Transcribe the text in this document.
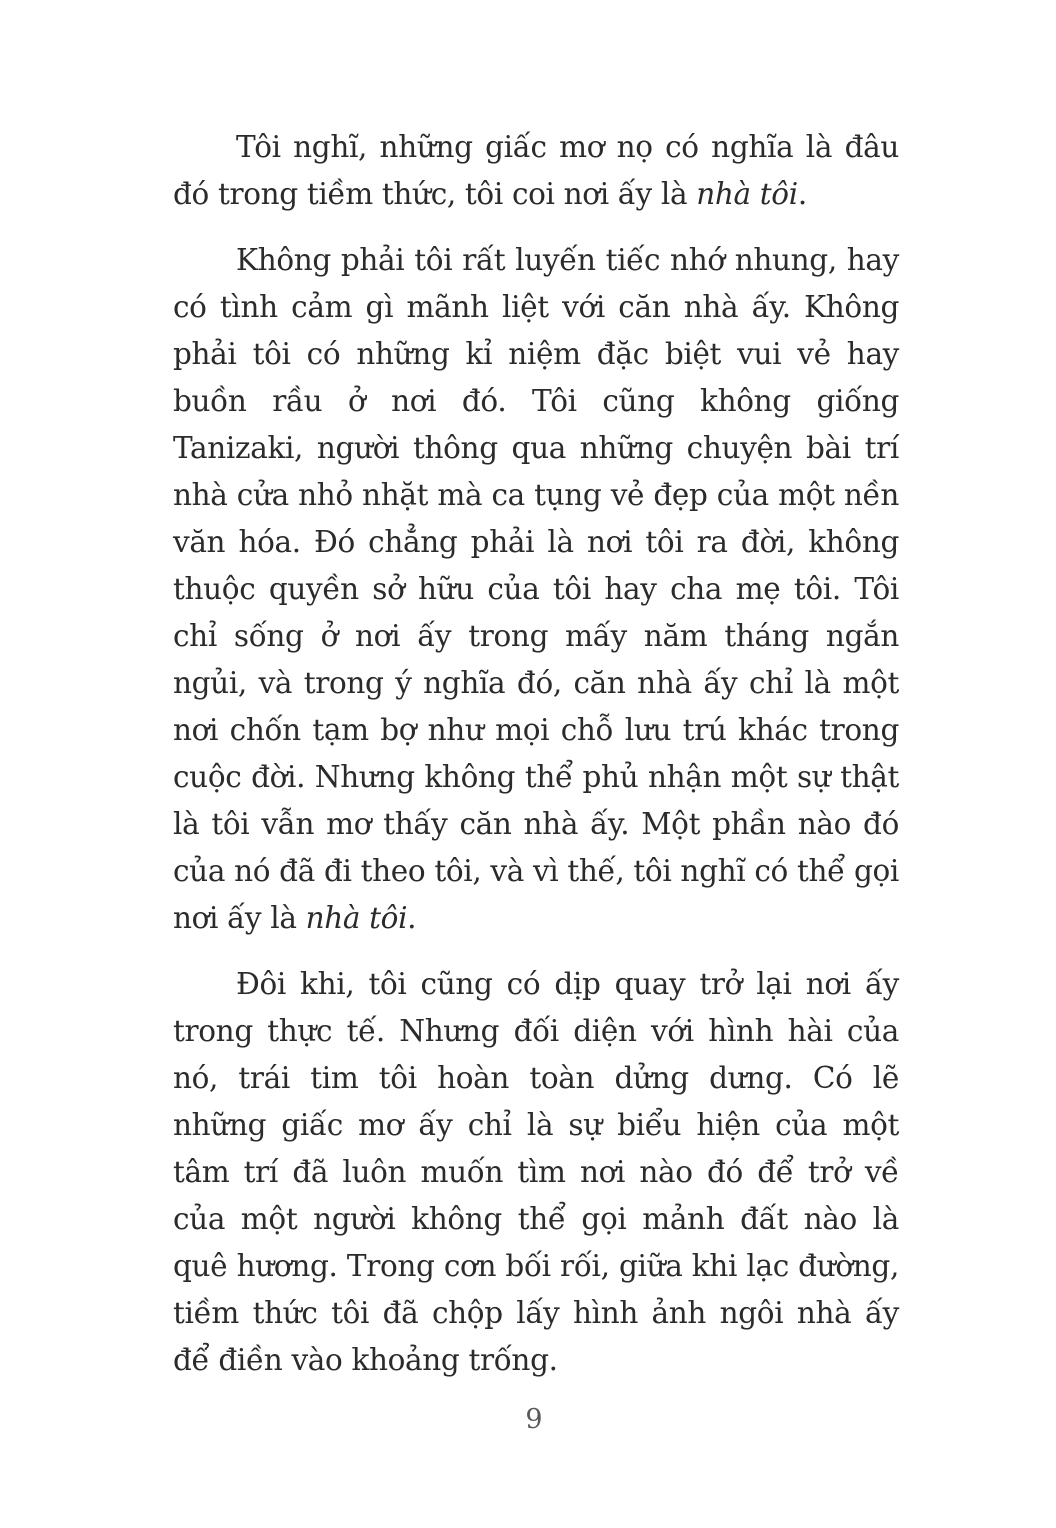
Tôi nghĩ, những giấc mơ nọ có nghĩa là đâu đó trong tiềm thức, tôi coi nơi ấy là nhà tôi.

Không phải tôi rất luyến tiếc nhớ nhung, hay có tình cảm gì mãnh liệt với căn nhà ấy. Không phải tôi có những kỉ niệm đặc biệt vui vẻ hay buồn rầu ở nơi đó. Tôi cũng không giống Tanizaki, người thông qua những chuyện bài trí nhà cửa nhỏ nhặt mà ca tụng vẻ đẹp của một nền văn hóa. Đó chẳng phải là nơi tôi ra đời, không thuộc quyền sở hữu của tôi hay cha mẹ tôi. Tôi chỉ sống ở nơi ấy trong mấy năm tháng ngắn ngủi, và trong ý nghĩa đó, căn nhà ấy chỉ là một nơi chốn tạm bợ như mọi chỗ lưu trú khác trong cuộc đời. Nhưng không thể phủ nhận một sự thật là tôi vẫn mơ thấy căn nhà ấy. Một phần nào đó của nó đã đi theo tôi, và vì thế, tôi nghĩ có thể gọi nơi ấy là nhà tôi.

Đôi khi, tôi cũng có dịp quay trở lại nơi ấy trong thực tế. Nhưng đối diện với hình hài của nó, trái tim tôi hoàn toàn dửng dưng. Có lẽ những giấc mơ ấy chỉ là sự biểu hiện của một tâm trí đã luôn muốn tìm nơi nào đó để trở về của một người không thể gọi mảnh đất nào là quê hương. Trong cơn bối rối, giữa khi lạc đường, tiềm thức tôi đã chộp lấy hình ảnh ngôi nhà ấy để điền vào khoảng trống.

9
